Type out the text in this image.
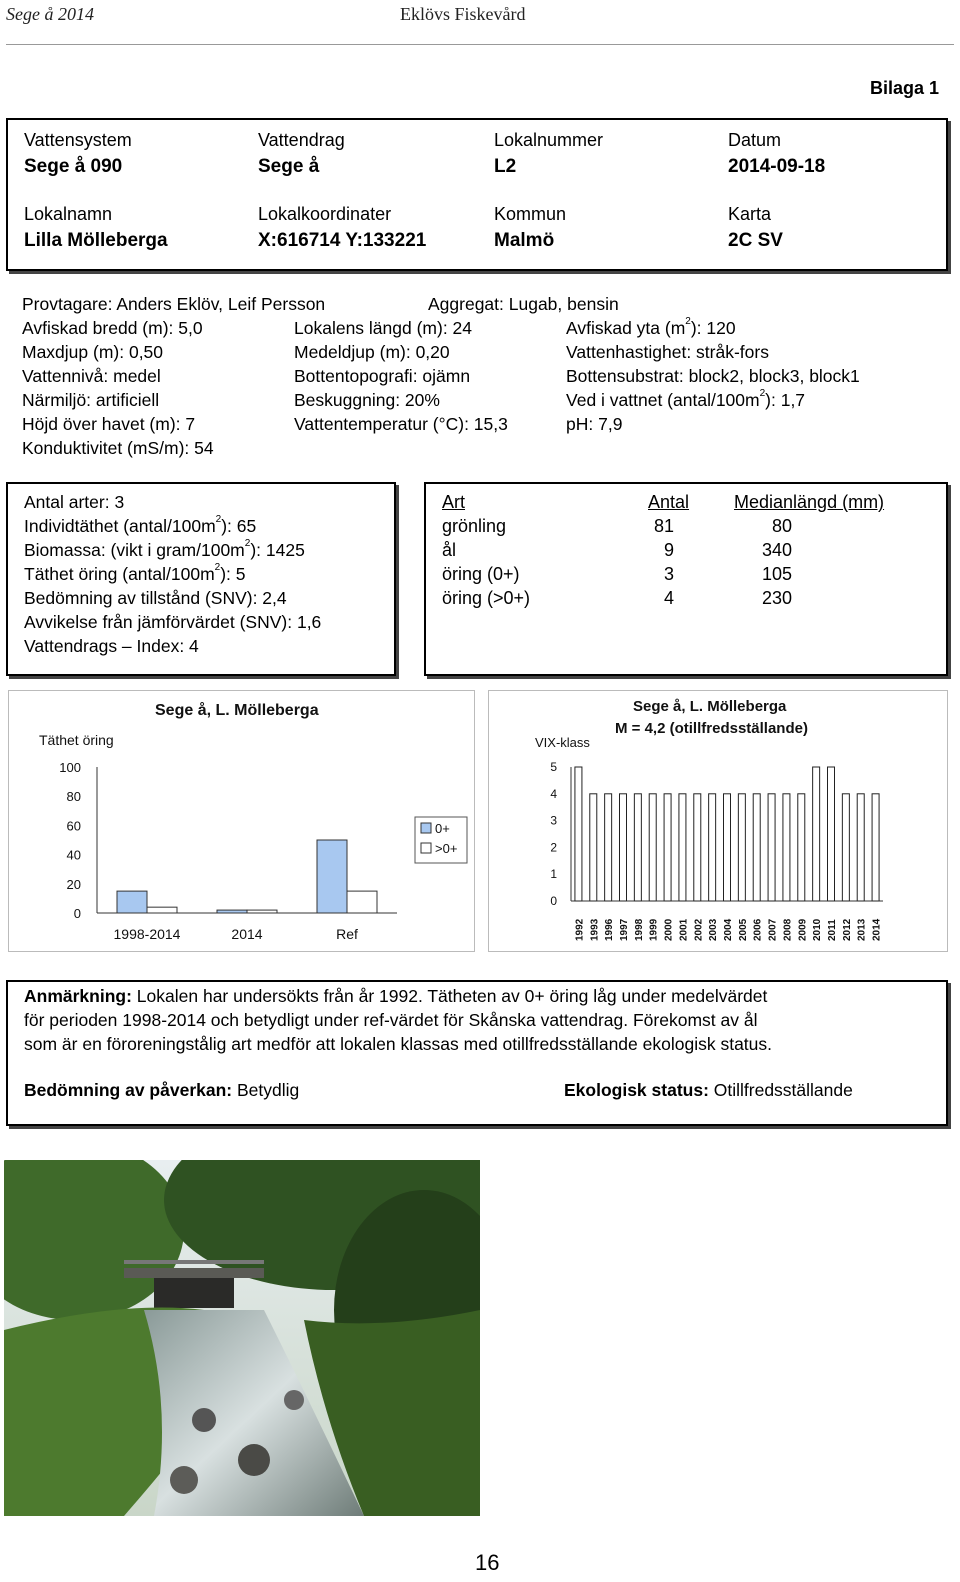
Sege å 2014	Eklövs Fiskevård
Bilaga 1
Vattensystem
Sege å 090
Vattendrag
Sege å
Lokalnummer
L2
Datum
2014-09-18
Lokalnamn
Lilla Mölleberga
Lokalkoordinater
X:616714 Y:133221
Kommun
Malmö
Karta
2C SV
Provtagare: Anders Eklöv, Leif Persson	Aggregat: Lugab, bensin
Avfiskad bredd (m): 5,0	Lokalens längd (m): 24	Avfiskad yta $(m^2)$: 120
Maxdjup (m): 0,50	Medeldjup (m): 0,20	Vattenhastighet: stråk-fors
Vattennivå: medel	Bottentopografi: ojämn	Bottensubstrat: block2, block3, block1
Närmiljö: artificiell	Beskuggning: 20%	Ved i vattnet $(antal/100m^2)$: 1,7
Höjd över havet (m): 7	Vattentemperatur (°C): 15,3	pH: 7,9
Konduktivitet (mS/m): 54
Antal arter: 3
Individtäthet $(antal/100m^2)$: 65
Biomassa: (vikt i gram/$100m^2$): 1425
Täthet öring $(antal/100m^2)$: 5
Bedömning av tillstånd (SNV): 2,4
Avvikelse från jämförvärdet (SNV): 1,6
Vattendrags – Index: 4
Art	Antal Medianlängd (mm)
grönling	81	80
ål	9	340
öring (0+)	3	105
öring (>0+)	4	230
Sege å, L. Mölleberga
Täthet öring
0
20
40
60
80
100
1998-2014	2014	Ref
0+
>0+
Sege å, L. Mölleberga
M = 4,2 (otillfredsställande)
VIX-klass
0
1
2
3
4
5
1992 1993 1996 1997 1998 1999 2000 2001 2002 2003 2004 2005 2006 2007 2008 2009 2010 2011 2012 2013 2014
Anmärkning: Lokalen har undersökts från år 1992. Tätheten av 0+ öring låg under medelvärdet
för perioden 1998-2014 och betydligt under ref-värdet för Skånska vattendrag. Förekomst av ål
som är en föroreningstålig art medför att lokalen klassas med otillfredsställande ekologisk status.
Bedömning av påverkan: Betydlig	Ekologisk status: Otillfredsställande
16
